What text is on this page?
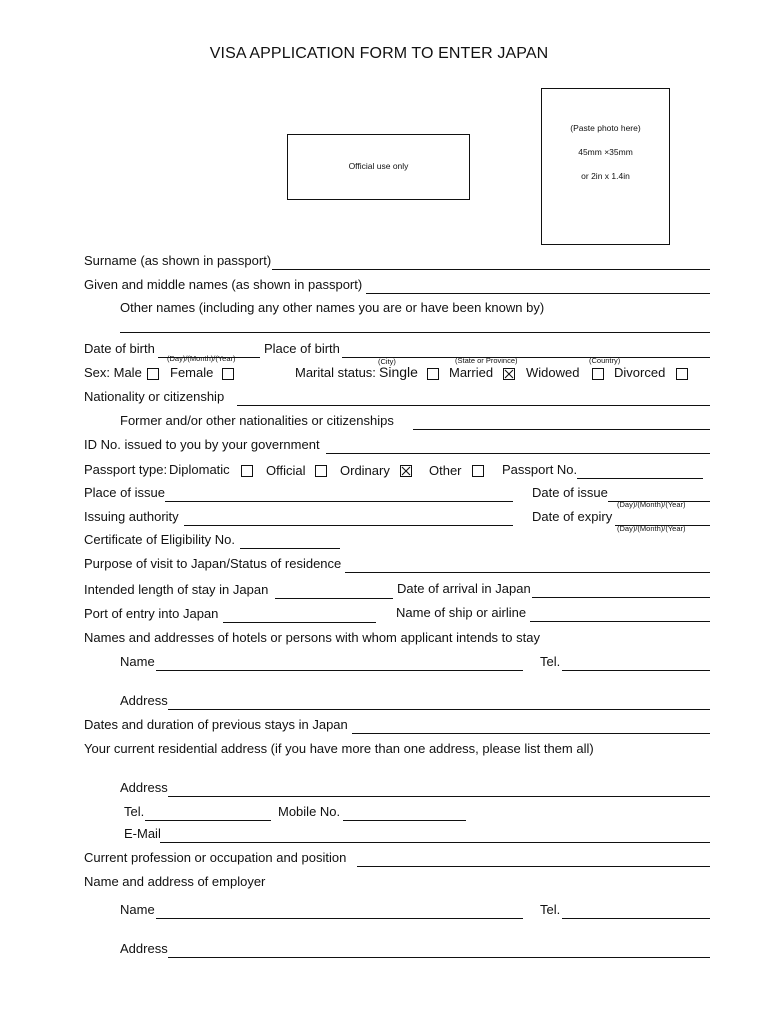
VISA APPLICATION FORM TO ENTER JAPAN
Official use only
(Paste photo here)
45mm ×35mm
or 2in x 1.4in
Surname (as shown in passport)
Given and middle names (as shown in passport)
Other names (including any other names you are or have been known by)
Date of birth
(Day)/(Month)/(Year)
Place of birth
(City)	(State or Province)	(Country)
Sex: Male Female	Marital status: Single Married	Widowed	Divorced
Nationality or citizenship
Former and/or other nationalities or citizenships
ID No. issued to you by your government
Passport type: Diplomatic	Official	Ordinary	Other	Passport No.
Place of issue	Date of issue
(Day)/(Month)/(Year)
Issuing authority	Date of expiry
(Day)/(Month)/(Year)
Certificate of Eligibility No.
Purpose of visit to Japan/Status of residence
Intended length of stay in Japan	Date of arrival in Japan
Port of entry into Japan	Name of ship or airline
Names and addresses of hotels or persons with whom applicant intends to stay
Name	Tel.
Address
Dates and duration of previous stays in Japan
Your current residential address (if you have more than one address, please list them all)
Address
Tel.	Mobile No.
E-Mail
Current profession or occupation and position
Name and address of employer
Name	Tel.
Address
